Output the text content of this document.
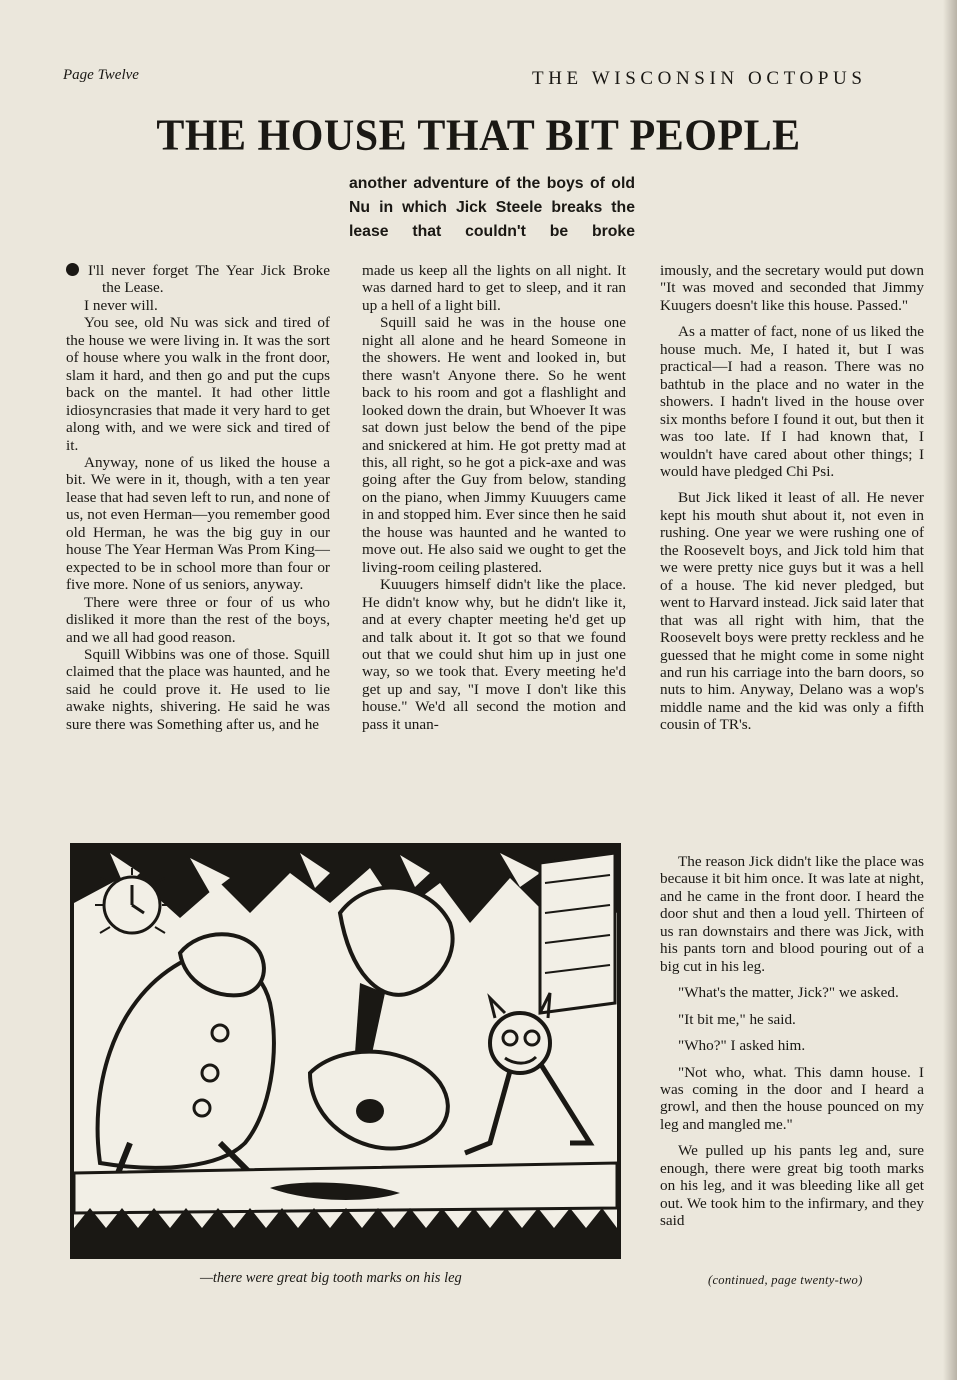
Page Twelve	THE WISCONSIN OCTOPUS
THE HOUSE THAT BIT PEOPLE
another adventure of the boys of old Nu in which Jick Steele breaks the lease that couldn't be broke

I'll never forget The Year Jick Broke the Lease.

I never will.

You see, old Nu was sick and tired of the house we were living in. It was the sort of house where you walk in the front door, slam it hard, and then go and put the cups back on the mantel. It had other little idiosyncrasies that made it very hard to get along with, and we were sick and tired of it.

Anyway, none of us liked the house a bit. We were in it, though, with a ten year lease that had seven left to run, and none of us, not even Herman—you remember good old Herman, he was the big guy in our house The Year Herman Was Prom King—expected to be in school more than four or five more. None of us seniors, anyway.

There were three or four of us who disliked it more than the rest of the boys, and we all had good reason.

Squill Wibbins was one of those. Squill claimed that the place was haunted, and he said he could prove it. He used to lie awake nights, shivering. He said he was sure there was Something after us, and he

made us keep all the lights on all night. It was darned hard to get to sleep, and it ran up a hell of a light bill.

Squill said he was in the house one night all alone and he heard Someone in the showers. He went and looked in, but there wasn't Anyone there. So he went back to his room and got a flashlight and looked down the drain, but Whoever It was sat down just below the bend of the pipe and snickered at him. He got pretty mad at this, all right, so he got a pick-axe and was going after the Guy from below, standing on the piano, when Jimmy Kuuugers came in and stopped him. Ever since then he said the house was haunted and he wanted to move out. He also said we ought to get the living-room ceiling plastered.

Kuuugers himself didn't like the place. He didn't know why, but he didn't like it, and at every chapter meeting he'd get up and talk about it. It got so that we found out that we could shut him up in just one way, so we took that. Every meeting he'd get up and say, "I move I don't like this house." We'd all second the motion and pass it unan-

imously, and the secretary would put down "It was moved and seconded that Jimmy Kuugers doesn't like this house. Passed."

As a matter of fact, none of us liked the house much. Me, I hated it, but I was practical—I had a reason. There was no bathtub in the place and no water in the showers. I hadn't lived in the house over six months before I found it out, but then it was too late. If I had known that, I wouldn't have cared about other things; I would have pledged Chi Psi.

But Jick liked it least of all. He never kept his mouth shut about it, not even in rushing. One year we were rushing one of the Roosevelt boys, and Jick told him that we were pretty nice guys but it was a hell of a house. The kid never pledged, but went to Harvard instead. Jick said later that that was all right with him, that the Roosevelt boys were pretty reckless and he guessed that he might come in some night and run his carriage into the barn doors, so nuts to him. Anyway, Delano was a wop's middle name and the kid was only a fifth cousin of TR's.

The reason Jick didn't like the place was because it bit him once. It was late at night, and he came in the front door. I heard the door shut and then a loud yell. Thirteen of us ran downstairs and there was Jick, with his pants torn and blood pouring out of a big cut in his leg.

"What's the matter, Jick?" we asked.

"It bit me," he said.

"Who?" I asked him.

"Not who, what. This damn house. I was coming in the door and I heard a growl, and then the house pounced on my leg and mangled me."

We pulled up his pants leg and, sure enough, there were great big tooth marks on his leg, and it was bleeding like all get out. We took him to the infirmary, and they said

—there were great big tooth marks on his leg	(continued, page twenty-two)
